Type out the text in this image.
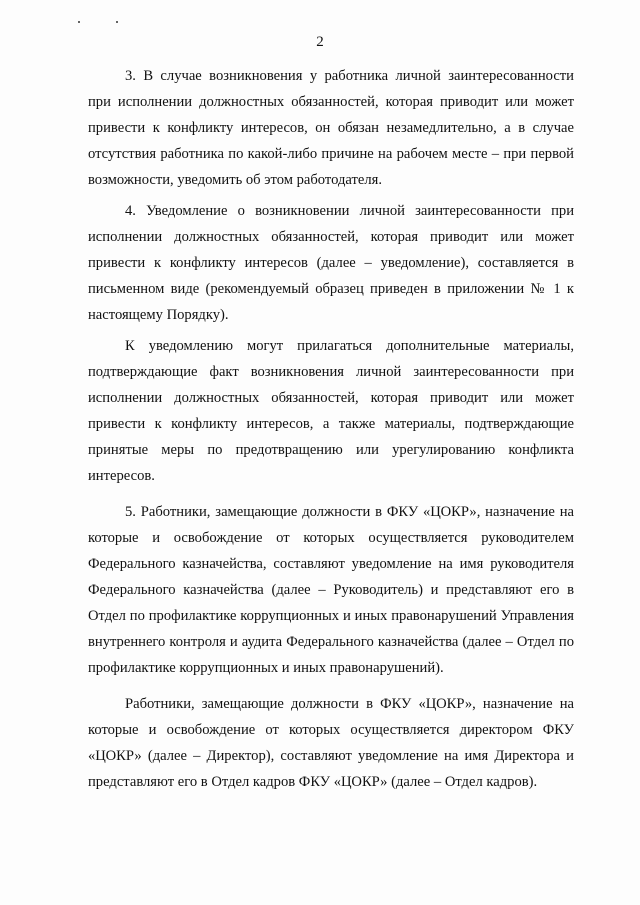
2

3. В случае возникновения у работника личной заинтересованности при исполнении должностных обязанностей, которая приводит или может привести к конфликту интересов, он обязан незамедлительно, а в случае отсутствия работника по какой-либо причине на рабочем месте – при первой возможности, уведомить об этом работодателя.

4. Уведомление о возникновении личной заинтересованности при исполнении должностных обязанностей, которая приводит или может привести к конфликту интересов (далее – уведомление), составляется в письменном виде (рекомендуемый образец приведен в приложении № 1 к настоящему Порядку).

К уведомлению могут прилагаться дополнительные материалы, подтверждающие факт возникновения личной заинтересованности при исполнении должностных обязанностей, которая приводит или может привести к конфликту интересов, а также материалы, подтверждающие принятые меры по предотвращению или урегулированию конфликта интересов.

5. Работники, замещающие должности в ФКУ «ЦОКР», назначение на которые и освобождение от которых осуществляется руководителем Федерального казначейства, составляют уведомление на имя руководителя Федерального казначейства (далее – Руководитель) и представляют его в Отдел по профилактике коррупционных и иных правонарушений Управления внутреннего контроля и аудита Федерального казначейства (далее – Отдел по профилактике коррупционных и иных правонарушений).

Работники, замещающие должности в ФКУ «ЦОКР», назначение на которые и освобождение от которых осуществляется директором ФКУ «ЦОКР» (далее – Директор), составляют уведомление на имя Директора и представляют его в Отдел кадров ФКУ «ЦОКР» (далее – Отдел кадров).
